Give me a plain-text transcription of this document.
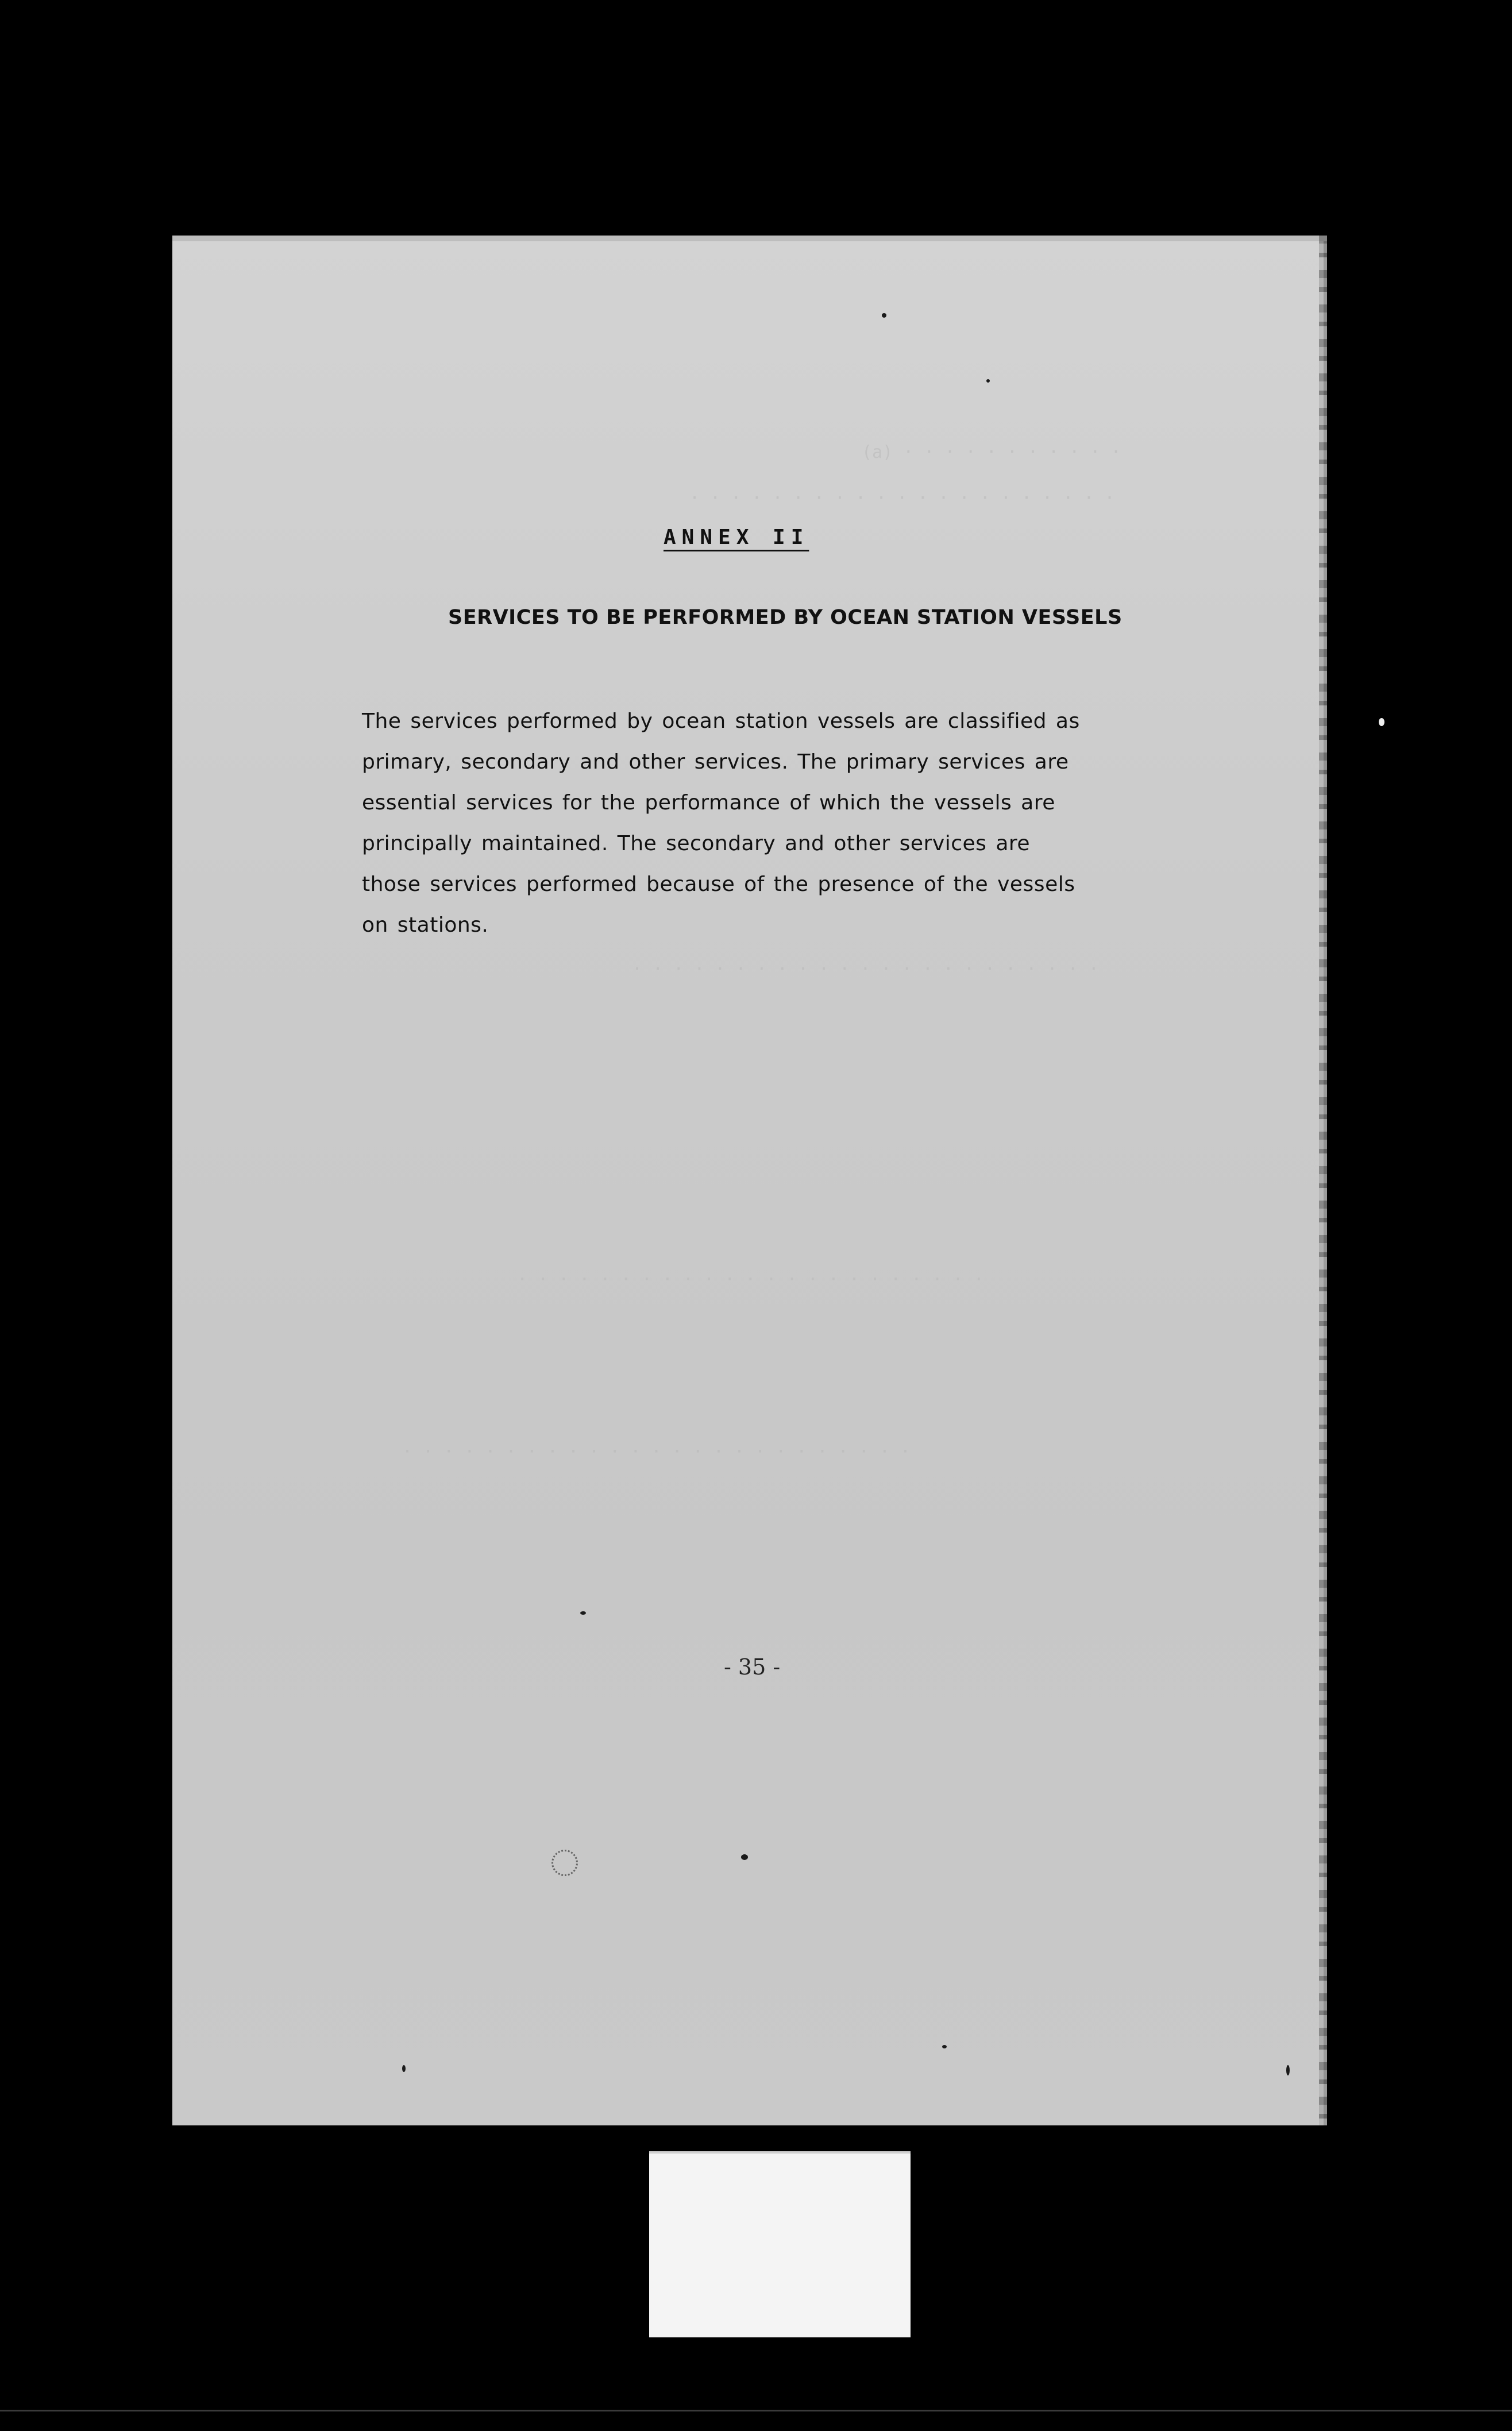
(a) · · · · · · · · · · ·
· · · · · · · · · · · · · · · · · · · · ·
· · · · · · · · · · · · · · · · · · · · · · ·
· · · · · · · · · · · · · · · · · · · · · · ·
· · · · · · · · · · · · · · · · · · · · · · · · ·
ANNEX II
SERVICES TO BE PERFORMED BY OCEAN STATION VESSELS

The services performed by ocean station vessels are classified as
primary, secondary and other services. The primary services are
essential services for the performance of which the vessels are
principally maintained. The secondary and other services are
those services performed because of the presence of the vessels
on stations.

- 35 -
